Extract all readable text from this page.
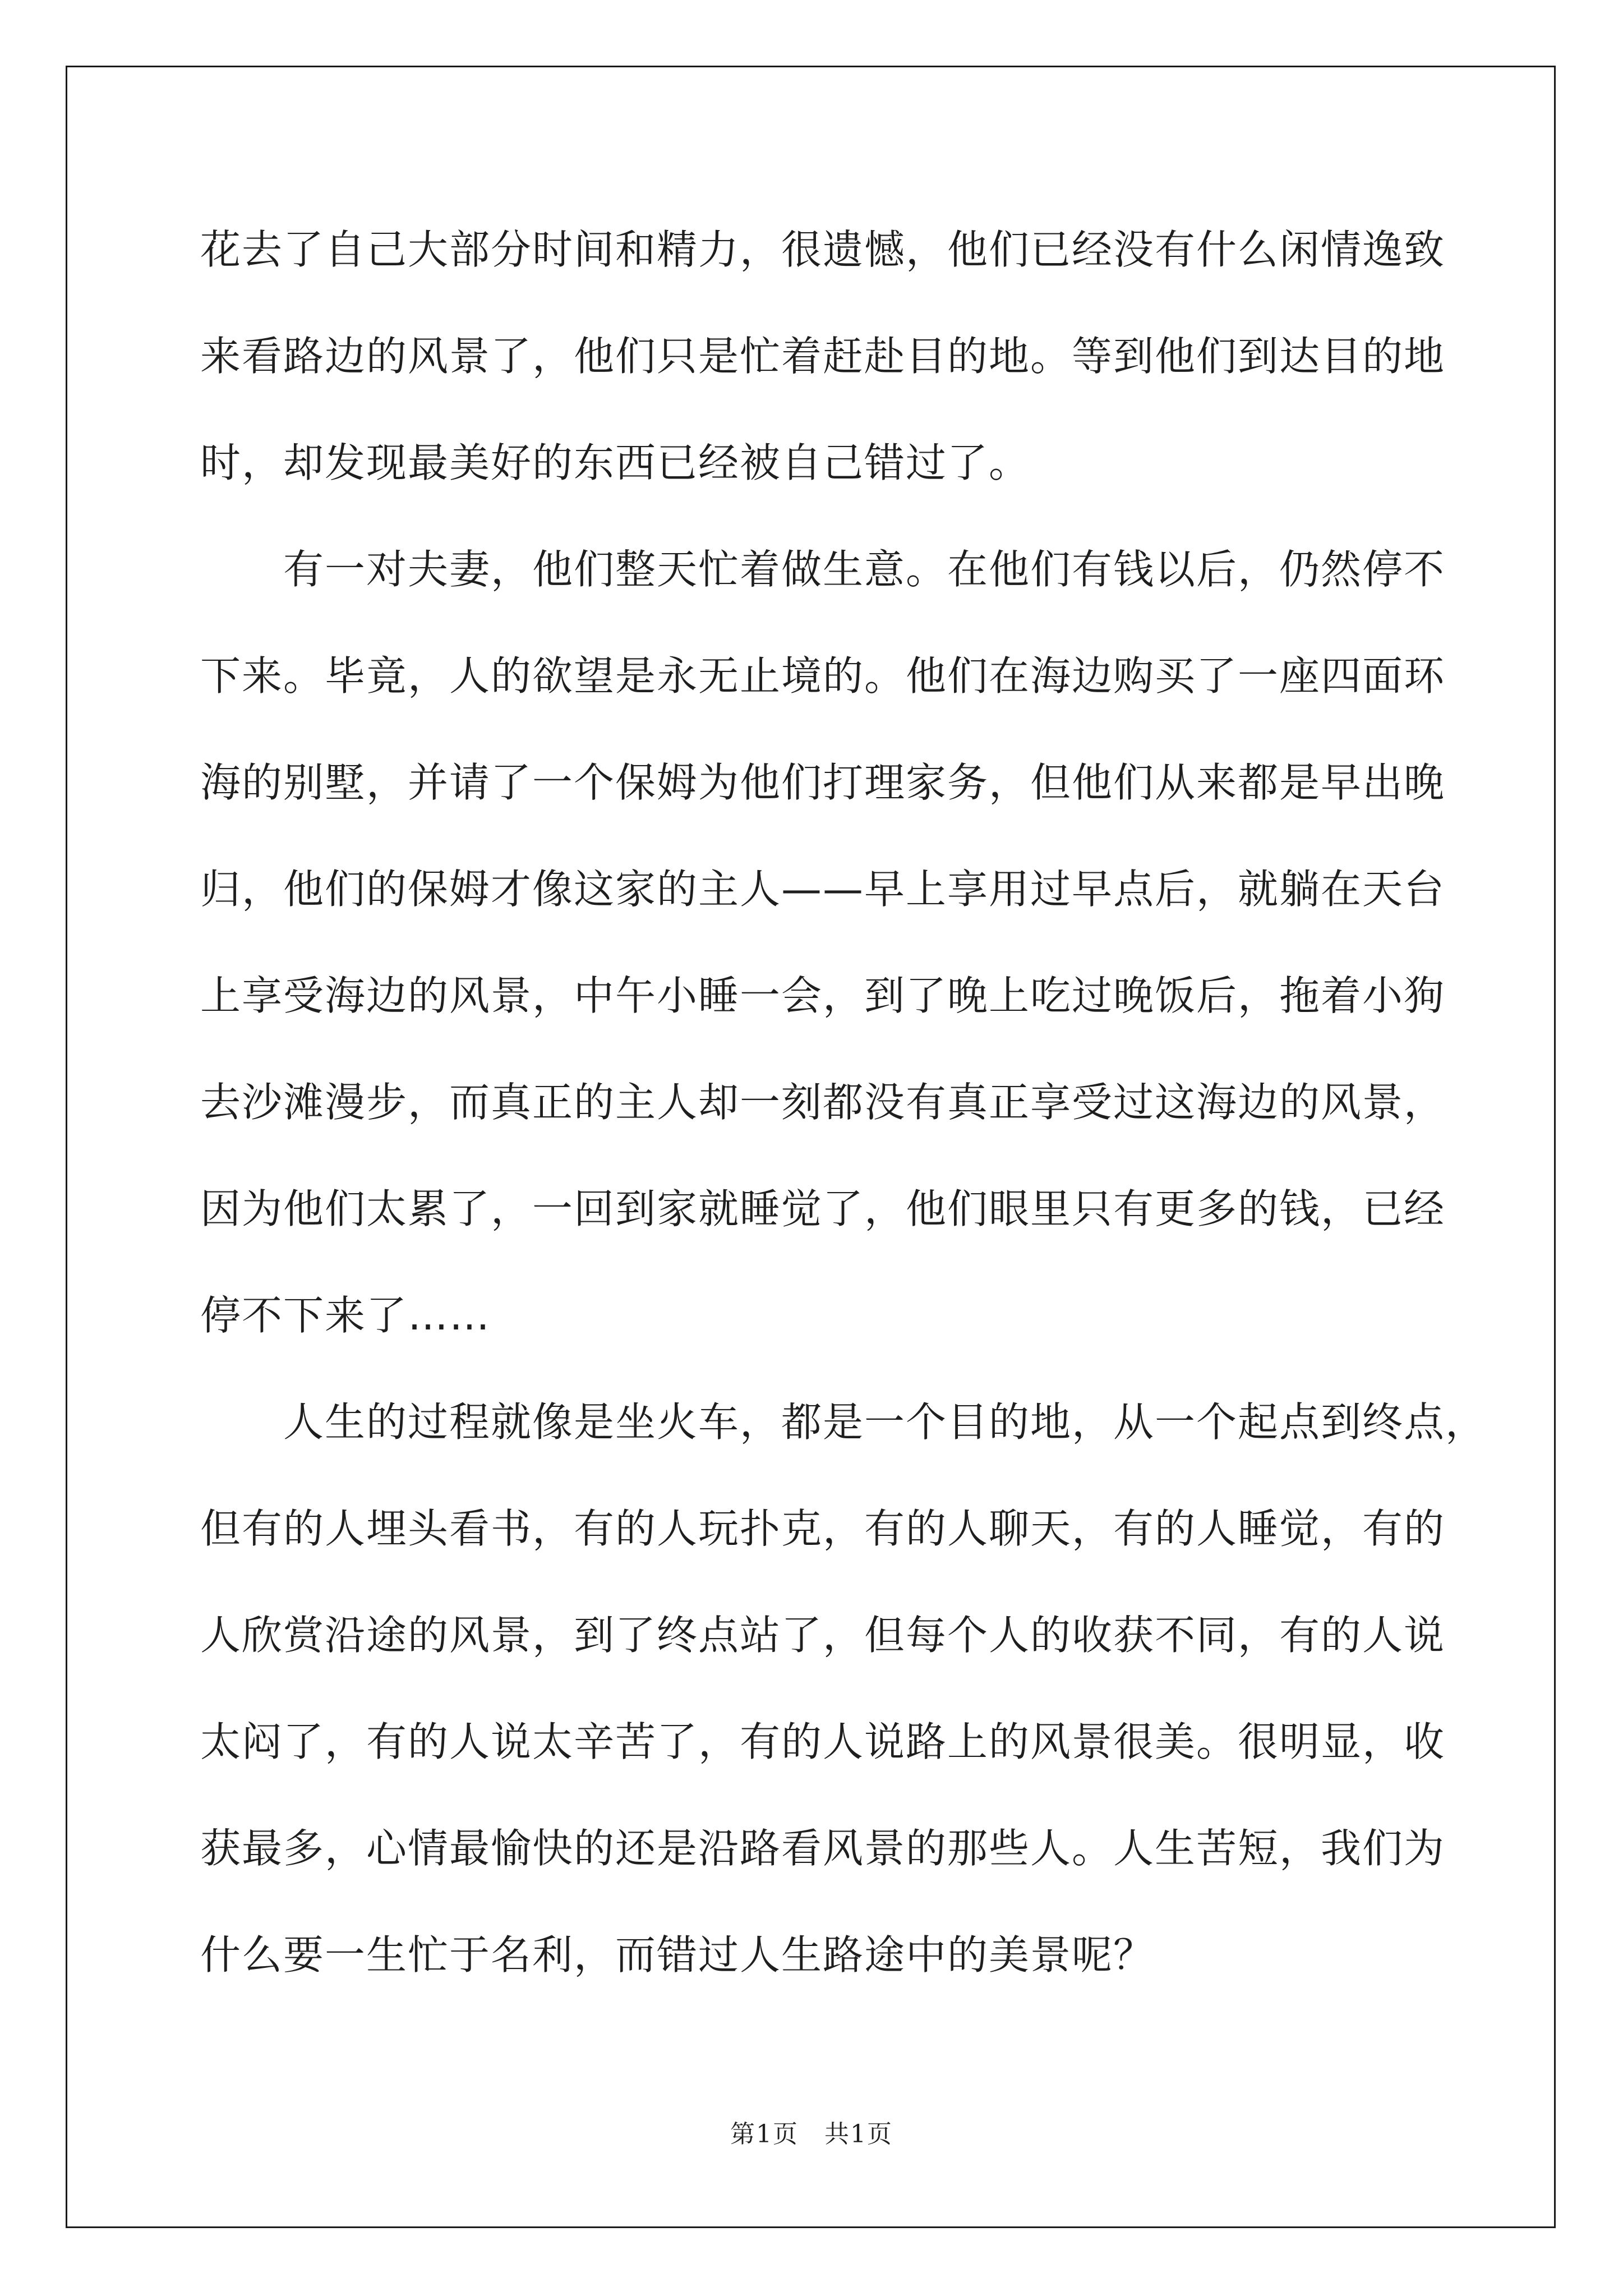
花去了自己大部分时间和精力，很遗憾，他们已经没有什么闲情逸致

来看路边的风景了，他们只是忙着赶赴目的地。等到他们到达目的地

时，却发现最美好的东西已经被自己错过了。

　　有一对夫妻，他们整天忙着做生意。在他们有钱以后，仍然停不

下来。毕竟，人的欲望是永无止境的。他们在海边购买了一座四面环

海的别墅，并请了一个保姆为他们打理家务，但他们从来都是早出晚

归，他们的保姆才像这家的主人——早上享用过早点后，就躺在天台

上享受海边的风景，中午小睡一会，到了晚上吃过晚饭后，拖着小狗

去沙滩漫步，而真正的主人却一刻都没有真正享受过这海边的风景，

因为他们太累了，一回到家就睡觉了，他们眼里只有更多的钱，已经

停不下来了……

　　人生的过程就像是坐火车，都是一个目的地，从一个起点到终点，

但有的人埋头看书，有的人玩扑克，有的人聊天，有的人睡觉，有的

人欣赏沿途的风景，到了终点站了，但每个人的收获不同，有的人说

太闷了，有的人说太辛苦了，有的人说路上的风景很美。很明显，收

获最多，心情最愉快的还是沿路看风景的那些人。人生苦短，我们为

什么要一生忙于名利，而错过人生路途中的美景呢？

第1页　共1页
